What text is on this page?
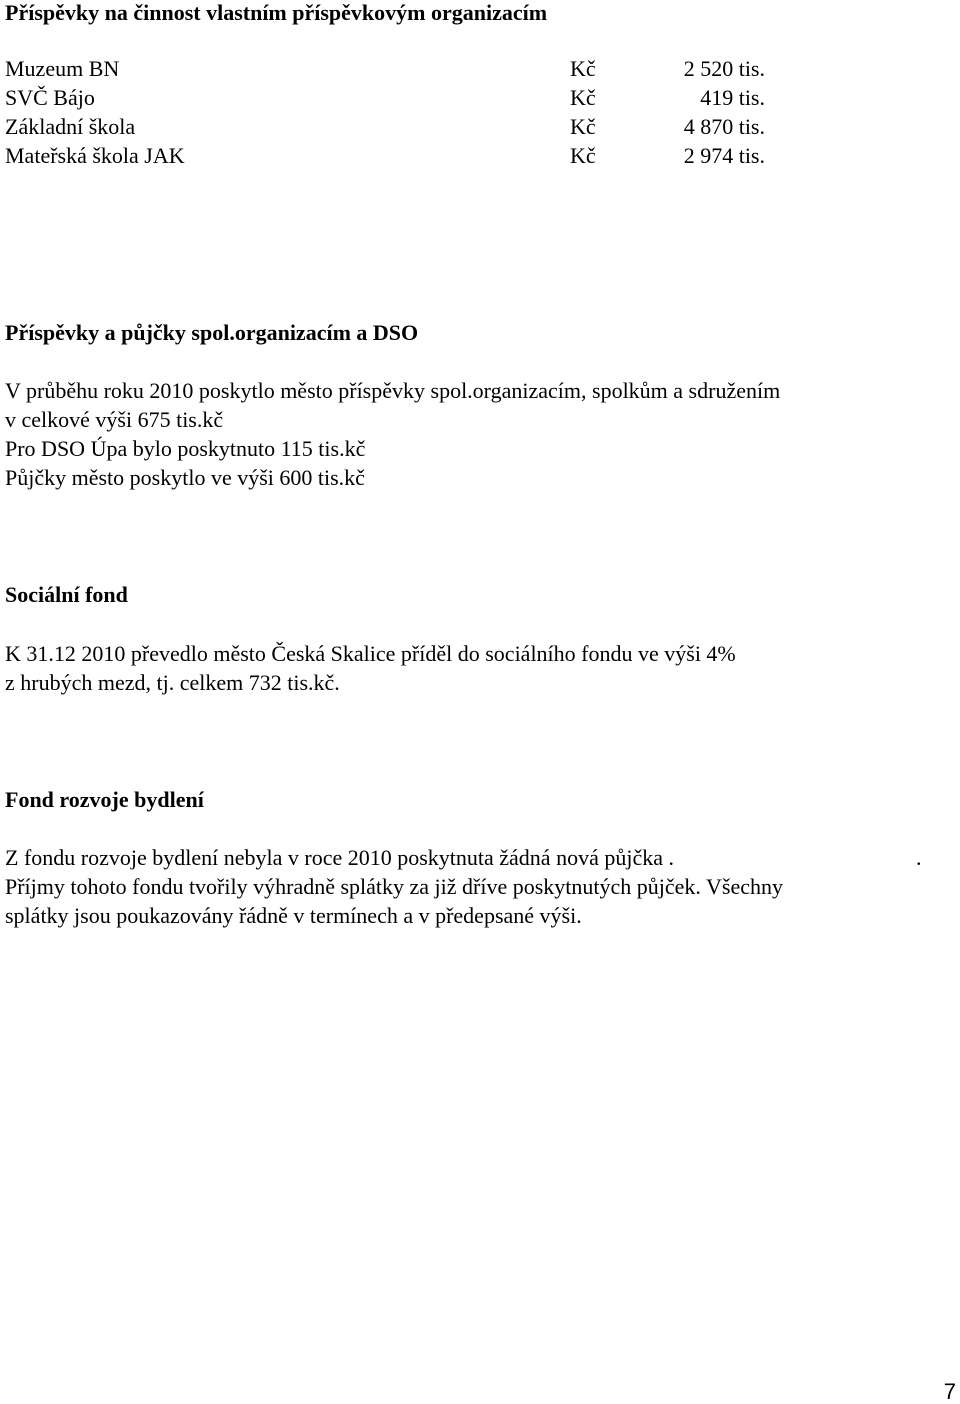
Příspěvky na činnost vlastním příspěvkovým organizacím
Muzeum BN	Kč	2 520 tis.
SVČ Bájo	Kč	419 tis.
Základní škola	Kč	4 870 tis.
Mateřská škola JAK	Kč	2 974 tis.
Příspěvky a půjčky spol.organizacím a DSO
V průběhu roku 2010 poskytlo město příspěvky spol.organizacím, spolkům a sdružením
v celkové výši 675 tis.kč
Pro DSO Úpa bylo poskytnuto 115 tis.kč
Půjčky město poskytlo ve výši 600 tis.kč
Sociální fond
K 31.12 2010 převedlo město Česká Skalice příděl do sociálního fondu ve výši 4%
z hrubých mezd, tj. celkem 732 tis.kč.
Fond rozvoje bydlení
Z fondu rozvoje bydlení nebyla v roce 2010 poskytnuta žádná nová půjčka .	.
Příjmy tohoto fondu tvořily výhradně splátky za již dříve poskytnutých půjček. Všechny
splátky jsou poukazovány řádně v termínech a v předepsané výši.
7
